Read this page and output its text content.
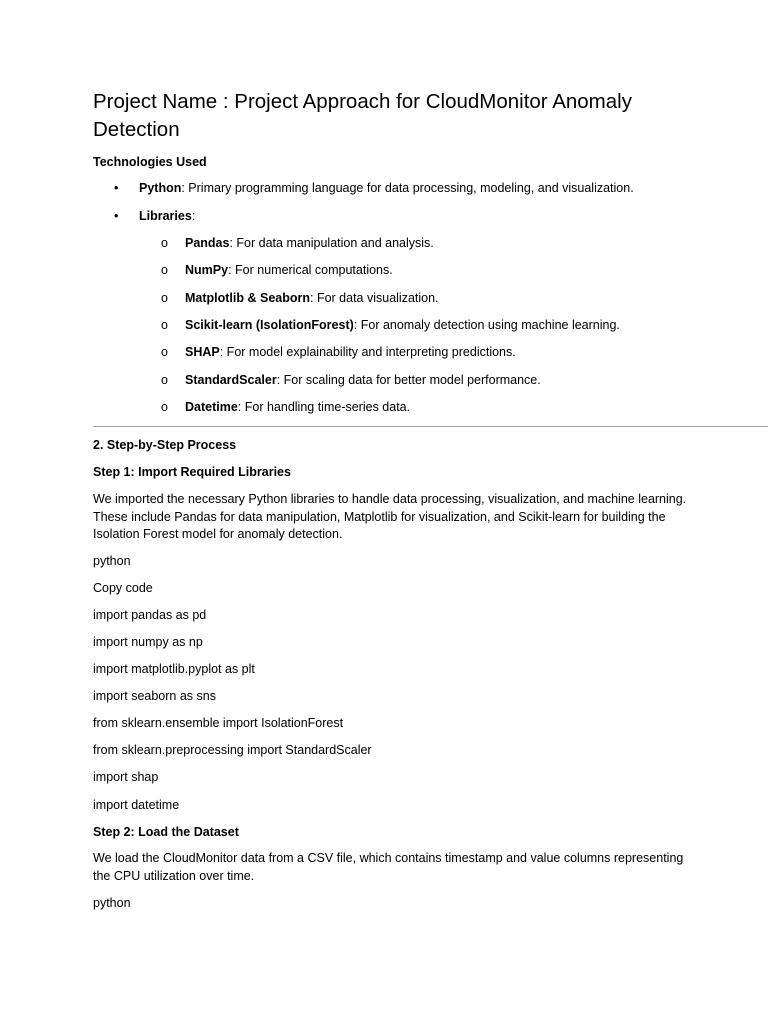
Project Name : Project Approach for CloudMonitor Anomaly Detection
Technologies Used
• Python: Primary programming language for data processing, modeling, and visualization.
• Libraries:
o Pandas: For data manipulation and analysis.
o NumPy: For numerical computations.
o Matplotlib & Seaborn: For data visualization.
o Scikit-learn (IsolationForest): For anomaly detection using machine learning.
o SHAP: For model explainability and interpreting predictions.
o StandardScaler: For scaling data for better model performance.
o Datetime: For handling time-series data.
2. Step-by-Step Process
Step 1: Import Required Libraries
We imported the necessary Python libraries to handle data processing, visualization, and machine learning. These include Pandas for data manipulation, Matplotlib for visualization, and Scikit-learn for building the Isolation Forest model for anomaly detection.
python
Copy code
import pandas as pd
import numpy as np
import matplotlib.pyplot as plt
import seaborn as sns
from sklearn.ensemble import IsolationForest
from sklearn.preprocessing import StandardScaler
import shap
import datetime
Step 2: Load the Dataset
We load the CloudMonitor data from a CSV file, which contains timestamp and value columns representing the CPU utilization over time.
python
